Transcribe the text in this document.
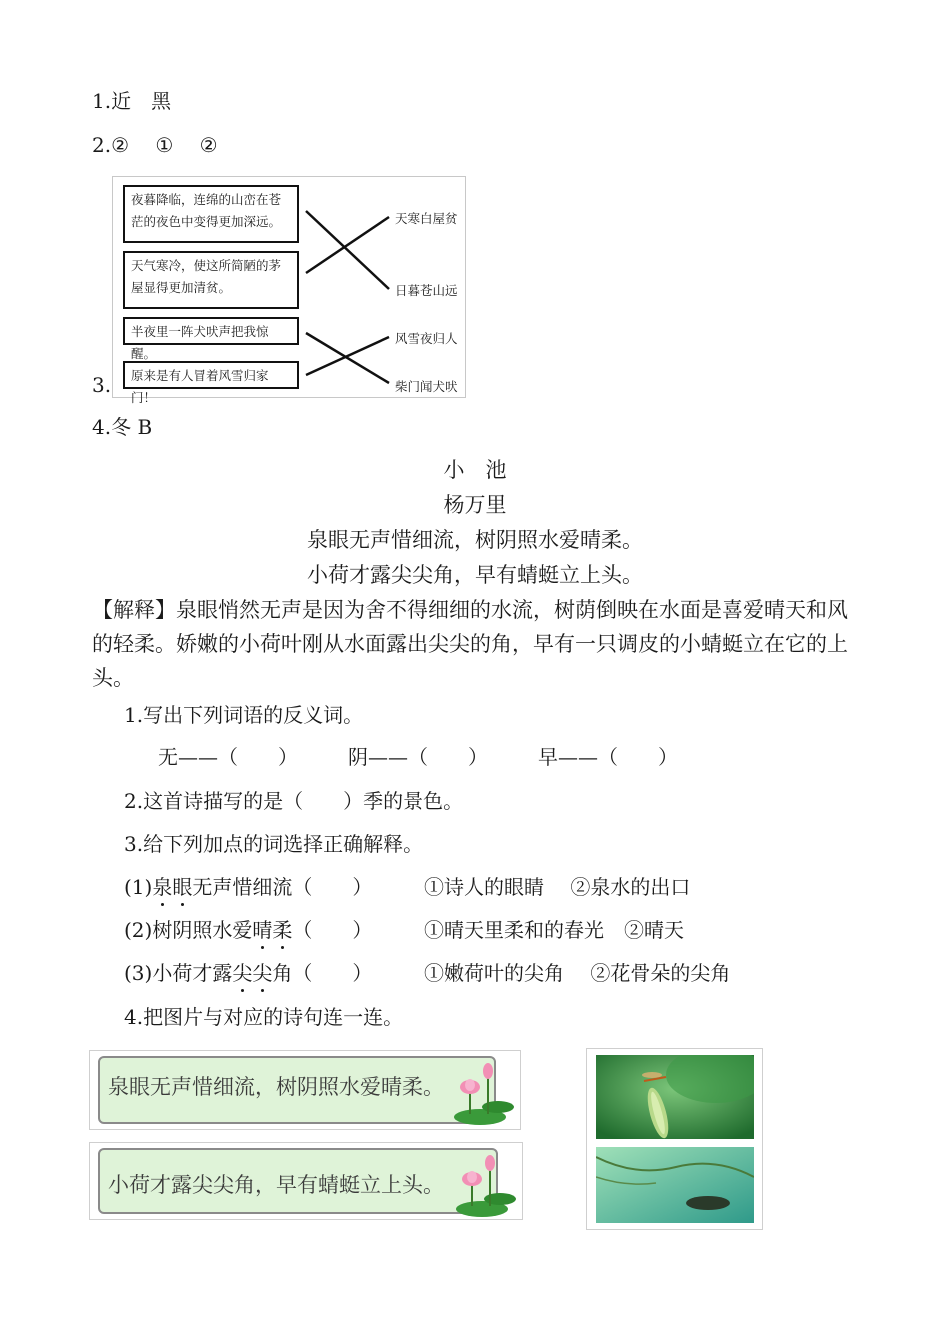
1.近　黑
2.②　 ①　 ②
3.
夜暮降临，连绵的山峦在苍茫的夜色中变得更加深远。
天气寒冷，使这所简陋的茅屋显得更加清贫。
半夜里一阵犬吠声把我惊醒。
原来是有人冒着风雪归家门！
天寒白屋贫
日暮苍山远
风雪夜归人
柴门闻犬吠
4.冬 B
小　池
杨万里
泉眼无声惜细流，树阴照水爱晴柔。
小荷才露尖尖角，早有蜻蜓立上头。
【解释】泉眼悄然无声是因为舍不得细细的水流，树荫倒映在水面是喜爱晴天和风的轻柔。娇嫩的小荷叶刚从水面露出尖尖的角，早有一只调皮的小蜻蜓立在它的上头。
1.写出下列词语的反义词。
无——（　　）	阴——（　　）	早——（　　）
2.这首诗描写的是（　　）季的景色。
3.给下列加点的词选择正确解释。
(1)泉眼无声惜细流（　　）	①诗人的眼睛　 ②泉水的出口
(2)树阴照水爱晴柔（　　）	①晴天里柔和的春光　②晴天
(3)小荷才露尖尖角（　　）	①嫩荷叶的尖角　 ②花骨朵的尖角
4.把图片与对应的诗句连一连。
泉眼无声惜细流，树阴照水爱晴柔。
小荷才露尖尖角，早有蜻蜓立上头。
